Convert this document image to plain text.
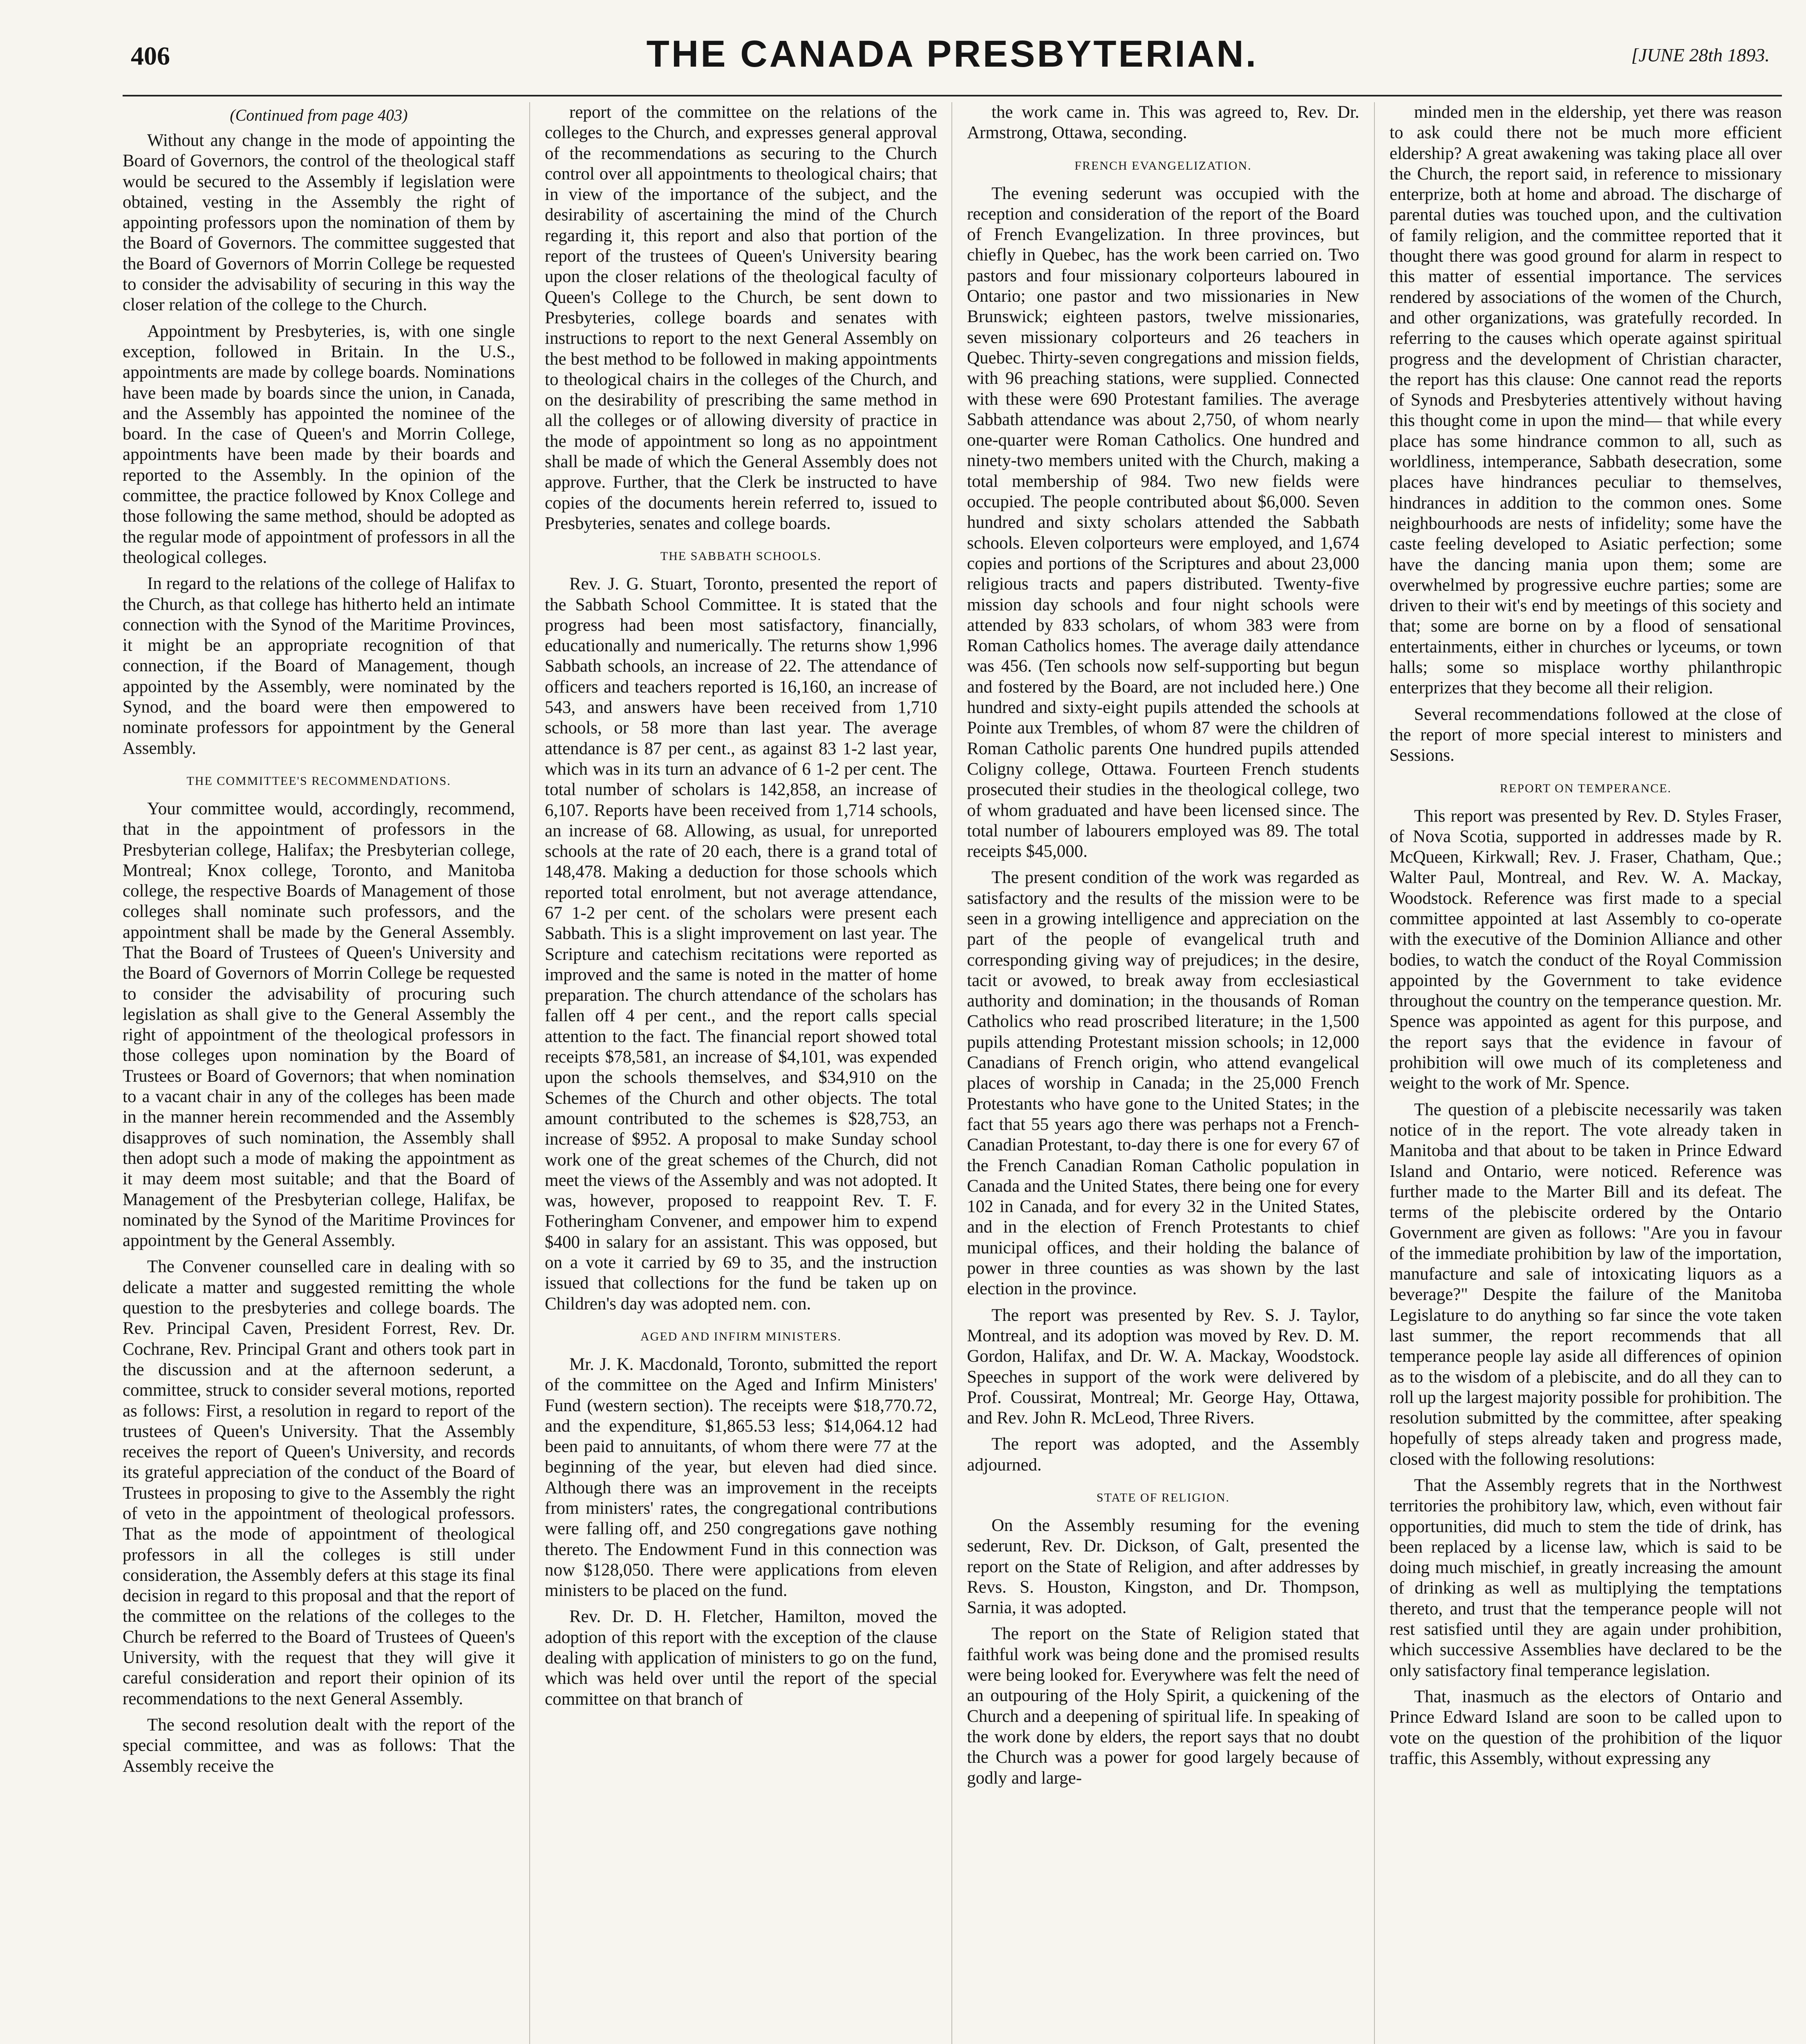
406	THE CANADA PRESBYTERIAN.	[JUNE 28th 1893.
(Continued from page 403)

Without any change in the mode of appointing the Board of Governors, the control of the theological staff would be secured to the Assembly if legislation were obtained, vesting in the Assembly the right of appointing professors upon the nomination of them by the Board of Governors. The committee suggested that the Board of Governors of Morrin College be requested to consider the advisability of securing in this way the closer relation of the college to the Church.

Appointment by Presbyteries, is, with one single exception, followed in Britain. In the U.S., appointments are made by college boards. Nominations have been made by boards since the union, in Canada, and the Assembly has appointed the nominee of the board. In the case of Queen's and Morrin College, appointments have been made by their boards and reported to the Assembly. In the opinion of the committee, the practice followed by Knox College and those following the same method, should be adopted as the regular mode of appointment of professors in all the theological colleges.

In regard to the relations of the college of Halifax to the Church, as that college has hitherto held an intimate connection with the Synod of the Maritime Provinces, it might be an appropriate recognition of that connection, if the Board of Management, though appointed by the Assembly, were nominated by the Synod, and the board were then empowered to nominate professors for appointment by the General Assembly.

THE COMMITTEE'S RECOMMENDATIONS.

Your committee would, accordingly, recommend, that in the appointment of professors in the Presbyterian college, Halifax; the Presbyterian college, Montreal; Knox college, Toronto, and Manitoba college, the respective Boards of Management of those colleges shall nominate such professors, and the appointment shall be made by the General Assembly. That the Board of Trustees of Queen's University and the Board of Governors of Morrin College be requested to consider the advisability of procuring such legislation as shall give to the General Assembly the right of appointment of the theological professors in those colleges upon nomination by the Board of Trustees or Board of Governors; that when nomination to a vacant chair in any of the colleges has been made in the manner herein recommended and the Assembly disapproves of such nomination, the Assembly shall then adopt such a mode of making the appointment as it may deem most suitable; and that the Board of Management of the Presbyterian college, Halifax, be nominated by the Synod of the Maritime Provinces for appointment by the General Assembly.

The Convener counselled care in dealing with so delicate a matter and suggested remitting the whole question to the presbyteries and college boards. The Rev. Principal Caven, President Forrest, Rev. Dr. Cochrane, Rev. Principal Grant and others took part in the discussion and at the afternoon sederunt, a committee, struck to consider several motions, reported as follows: First, a resolution in regard to report of the trustees of Queen's University. That the Assembly receives the report of Queen's University, and records its grateful appreciation of the conduct of the Board of Trustees in proposing to give to the Assembly the right of veto in the appointment of theological professors. That as the mode of appointment of theological professors in all the colleges is still under consideration, the Assembly defers at this stage its final decision in regard to this proposal and that the report of the committee on the relations of the colleges to the Church be referred to the Board of Trustees of Queen's University, with the request that they will give it careful consideration and report their opinion of its recommendations to the next General Assembly.

The second resolution dealt with the report of the special committee, and was as follows: That the Assembly receive the

report of the committee on the relations of the colleges to the Church, and expresses general approval of the recommendations as securing to the Church control over all appointments to theological chairs; that in view of the importance of the subject, and the desirability of ascertaining the mind of the Church regarding it, this report and also that portion of the report of the trustees of Queen's University bearing upon the closer relations of the theological faculty of Queen's College to the Church, be sent down to Presbyteries, college boards and senates with instructions to report to the next General Assembly on the best method to be followed in making appointments to theological chairs in the colleges of the Church, and on the desirability of prescribing the same method in all the colleges or of allowing diversity of practice in the mode of appointment so long as no appointment shall be made of which the General Assembly does not approve. Further, that the Clerk be instructed to have copies of the documents herein referred to, issued to Presbyteries, senates and college boards.

THE SABBATH SCHOOLS.

Rev. J. G. Stuart, Toronto, presented the report of the Sabbath School Committee. It is stated that the progress had been most satisfactory, financially, educationally and numerically. The returns show 1,996 Sabbath schools, an increase of 22. The attendance of officers and teachers reported is 16,160, an increase of 543, and answers have been received from 1,710 schools, or 58 more than last year. The average attendance is 87 per cent., as against 83 1-2 last year, which was in its turn an advance of 6 1-2 per cent. The total number of scholars is 142,858, an increase of 6,107. Reports have been received from 1,714 schools, an increase of 68. Allowing, as usual, for unreported schools at the rate of 20 each, there is a grand total of 148,478. Making a deduction for those schools which reported total enrolment, but not average attendance, 67 1-2 per cent. of the scholars were present each Sabbath. This is a slight improvement on last year. The Scripture and catechism recitations were reported as improved and the same is noted in the matter of home preparation. The church attendance of the scholars has fallen off 4 per cent., and the report calls special attention to the fact. The financial report showed total receipts $78,581, an increase of $4,101, was expended upon the schools themselves, and $34,910 on the Schemes of the Church and other objects. The total amount contributed to the schemes is $28,753, an increase of $952. A proposal to make Sunday school work one of the great schemes of the Church, did not meet the views of the Assembly and was not adopted. It was, however, proposed to reappoint Rev. T. F. Fotheringham Convener, and empower him to expend $400 in salary for an assistant. This was opposed, but on a vote it carried by 69 to 35, and the instruction issued that collections for the fund be taken up on Children's day was adopted nem. con.

AGED AND INFIRM MINISTERS.

Mr. J. K. Macdonald, Toronto, submitted the report of the committee on the Aged and Infirm Ministers' Fund (western section). The receipts were $18,770.72, and the expenditure, $1,865.53 less; $14,064.12 had been paid to annuitants, of whom there were 77 at the beginning of the year, but eleven had died since. Although there was an improvement in the receipts from ministers' rates, the congregational contributions were falling off, and 250 congregations gave nothing thereto. The Endowment Fund in this connection was now $128,050. There were applications from eleven ministers to be placed on the fund.

Rev. Dr. D. H. Fletcher, Hamilton, moved the adoption of this report with the exception of the clause dealing with application of ministers to go on the fund, which was held over until the report of the special committee on that branch of

the work came in. This was agreed to, Rev. Dr. Armstrong, Ottawa, seconding.

FRENCH EVANGELIZATION.

The evening sederunt was occupied with the reception and consideration of the report of the Board of French Evangelization. In three provinces, but chiefly in Quebec, has the work been carried on. Two pastors and four missionary colporteurs laboured in Ontario; one pastor and two missionaries in New Brunswick; eighteen pastors, twelve missionaries, seven missionary colporteurs and 26 teachers in Quebec. Thirty-seven congregations and mission fields, with 96 preaching stations, were supplied. Connected with these were 690 Protestant families. The average Sabbath attendance was about 2,750, of whom nearly one-quarter were Roman Catholics. One hundred and ninety-two members united with the Church, making a total membership of 984. Two new fields were occupied. The people contributed about $6,000. Seven hundred and sixty scholars attended the Sabbath schools. Eleven colporteurs were employed, and 1,674 copies and portions of the Scriptures and about 23,000 religious tracts and papers distributed. Twenty-five mission day schools and four night schools were attended by 833 scholars, of whom 383 were from Roman Catholics homes. The average daily attendance was 456. (Ten schools now self-supporting but begun and fostered by the Board, are not included here.) One hundred and sixty-eight pupils attended the schools at Pointe aux Trembles, of whom 87 were the children of Roman Catholic parents One hundred pupils attended Coligny college, Ottawa. Fourteen French students prosecuted their studies in the theological college, two of whom graduated and have been licensed since. The total number of labourers employed was 89. The total receipts $45,000.

The present condition of the work was regarded as satisfactory and the results of the mission were to be seen in a growing intelligence and appreciation on the part of the people of evangelical truth and corresponding giving way of prejudices; in the desire, tacit or avowed, to break away from ecclesiastical authority and domination; in the thousands of Roman Catholics who read proscribed literature; in the 1,500 pupils attending Protestant mission schools; in 12,000 Canadians of French origin, who attend evangelical places of worship in Canada; in the 25,000 French Protestants who have gone to the United States; in the fact that 55 years ago there was perhaps not a French-Canadian Protestant, to-day there is one for every 67 of the French Canadian Roman Catholic population in Canada and the United States, there being one for every 102 in Canada, and for every 32 in the United States, and in the election of French Protestants to chief municipal offices, and their holding the balance of power in three counties as was shown by the last election in the province.

The report was presented by Rev. S. J. Taylor, Montreal, and its adoption was moved by Rev. D. M. Gordon, Halifax, and Dr. W. A. Mackay, Woodstock. Speeches in support of the work were delivered by Prof. Coussirat, Montreal; Mr. George Hay, Ottawa, and Rev. John R. McLeod, Three Rivers.

The report was adopted, and the Assembly adjourned.

STATE OF RELIGION.

On the Assembly resuming for the evening sederunt, Rev. Dr. Dickson, of Galt, presented the report on the State of Religion, and after addresses by Revs. S. Houston, Kingston, and Dr. Thompson, Sarnia, it was adopted.

The report on the State of Religion stated that faithful work was being done and the promised results were being looked for. Everywhere was felt the need of an outpouring of the Holy Spirit, a quickening of the Church and a deepening of spiritual life. In speaking of the work done by elders, the report says that no doubt the Church was a power for good largely because of godly and large-

minded men in the eldership, yet there was reason to ask could there not be much more efficient eldership? A great awakening was taking place all over the Church, the report said, in reference to missionary enterprize, both at home and abroad. The discharge of parental duties was touched upon, and the cultivation of family religion, and the committee reported that it thought there was good ground for alarm in respect to this matter of essential importance. The services rendered by associations of the women of the Church, and other organizations, was gratefully recorded. In referring to the causes which operate against spiritual progress and the development of Christian character, the report has this clause: One cannot read the reports of Synods and Presbyteries attentively without having this thought come in upon the mind— that while every place has some hindrance common to all, such as worldliness, intemperance, Sabbath desecration, some places have hindrances peculiar to themselves, hindrances in addition to the common ones. Some neighbourhoods are nests of infidelity; some have the caste feeling developed to Asiatic perfection; some have the dancing mania upon them; some are overwhelmed by progressive euchre parties; some are driven to their wit's end by meetings of this society and that; some are borne on by a flood of sensational entertainments, either in churches or lyceums, or town halls; some so misplace worthy philanthropic enterprizes that they become all their religion.

Several recommendations followed at the close of the report of more special interest to ministers and Sessions.

REPORT ON TEMPERANCE.

This report was presented by Rev. D. Styles Fraser, of Nova Scotia, supported in addresses made by R. McQueen, Kirkwall; Rev. J. Fraser, Chatham, Que.; Walter Paul, Montreal, and Rev. W. A. Mackay, Woodstock. Reference was first made to a special committee appointed at last Assembly to co-operate with the executive of the Dominion Alliance and other bodies, to watch the conduct of the Royal Commission appointed by the Government to take evidence throughout the country on the temperance question. Mr. Spence was appointed as agent for this purpose, and the report says that the evidence in favour of prohibition will owe much of its completeness and weight to the work of Mr. Spence.

The question of a plebiscite necessarily was taken notice of in the report. The vote already taken in Manitoba and that about to be taken in Prince Edward Island and Ontario, were noticed. Reference was further made to the Marter Bill and its defeat. The terms of the plebiscite ordered by the Ontario Government are given as follows: "Are you in favour of the immediate prohibition by law of the importation, manufacture and sale of intoxicating liquors as a beverage?" Despite the failure of the Manitoba Legislature to do anything so far since the vote taken last summer, the report recommends that all temperance people lay aside all differences of opinion as to the wisdom of a plebiscite, and do all they can to roll up the largest majority possible for prohibition. The resolution submitted by the committee, after speaking hopefully of steps already taken and progress made, closed with the following resolutions:

That the Assembly regrets that in the Northwest territories the prohibitory law, which, even without fair opportunities, did much to stem the tide of drink, has been replaced by a license law, which is said to be doing much mischief, in greatly increasing the amount of drinking as well as multiplying the temptations thereto, and trust that the temperance people will not rest satisfied until they are again under prohibition, which successive Assemblies have declared to be the only satisfactory final temperance legislation.

That, inasmuch as the electors of Ontario and Prince Edward Island are soon to be called upon to vote on the question of the prohibition of the liquor traffic, this Assembly, without expressing any
